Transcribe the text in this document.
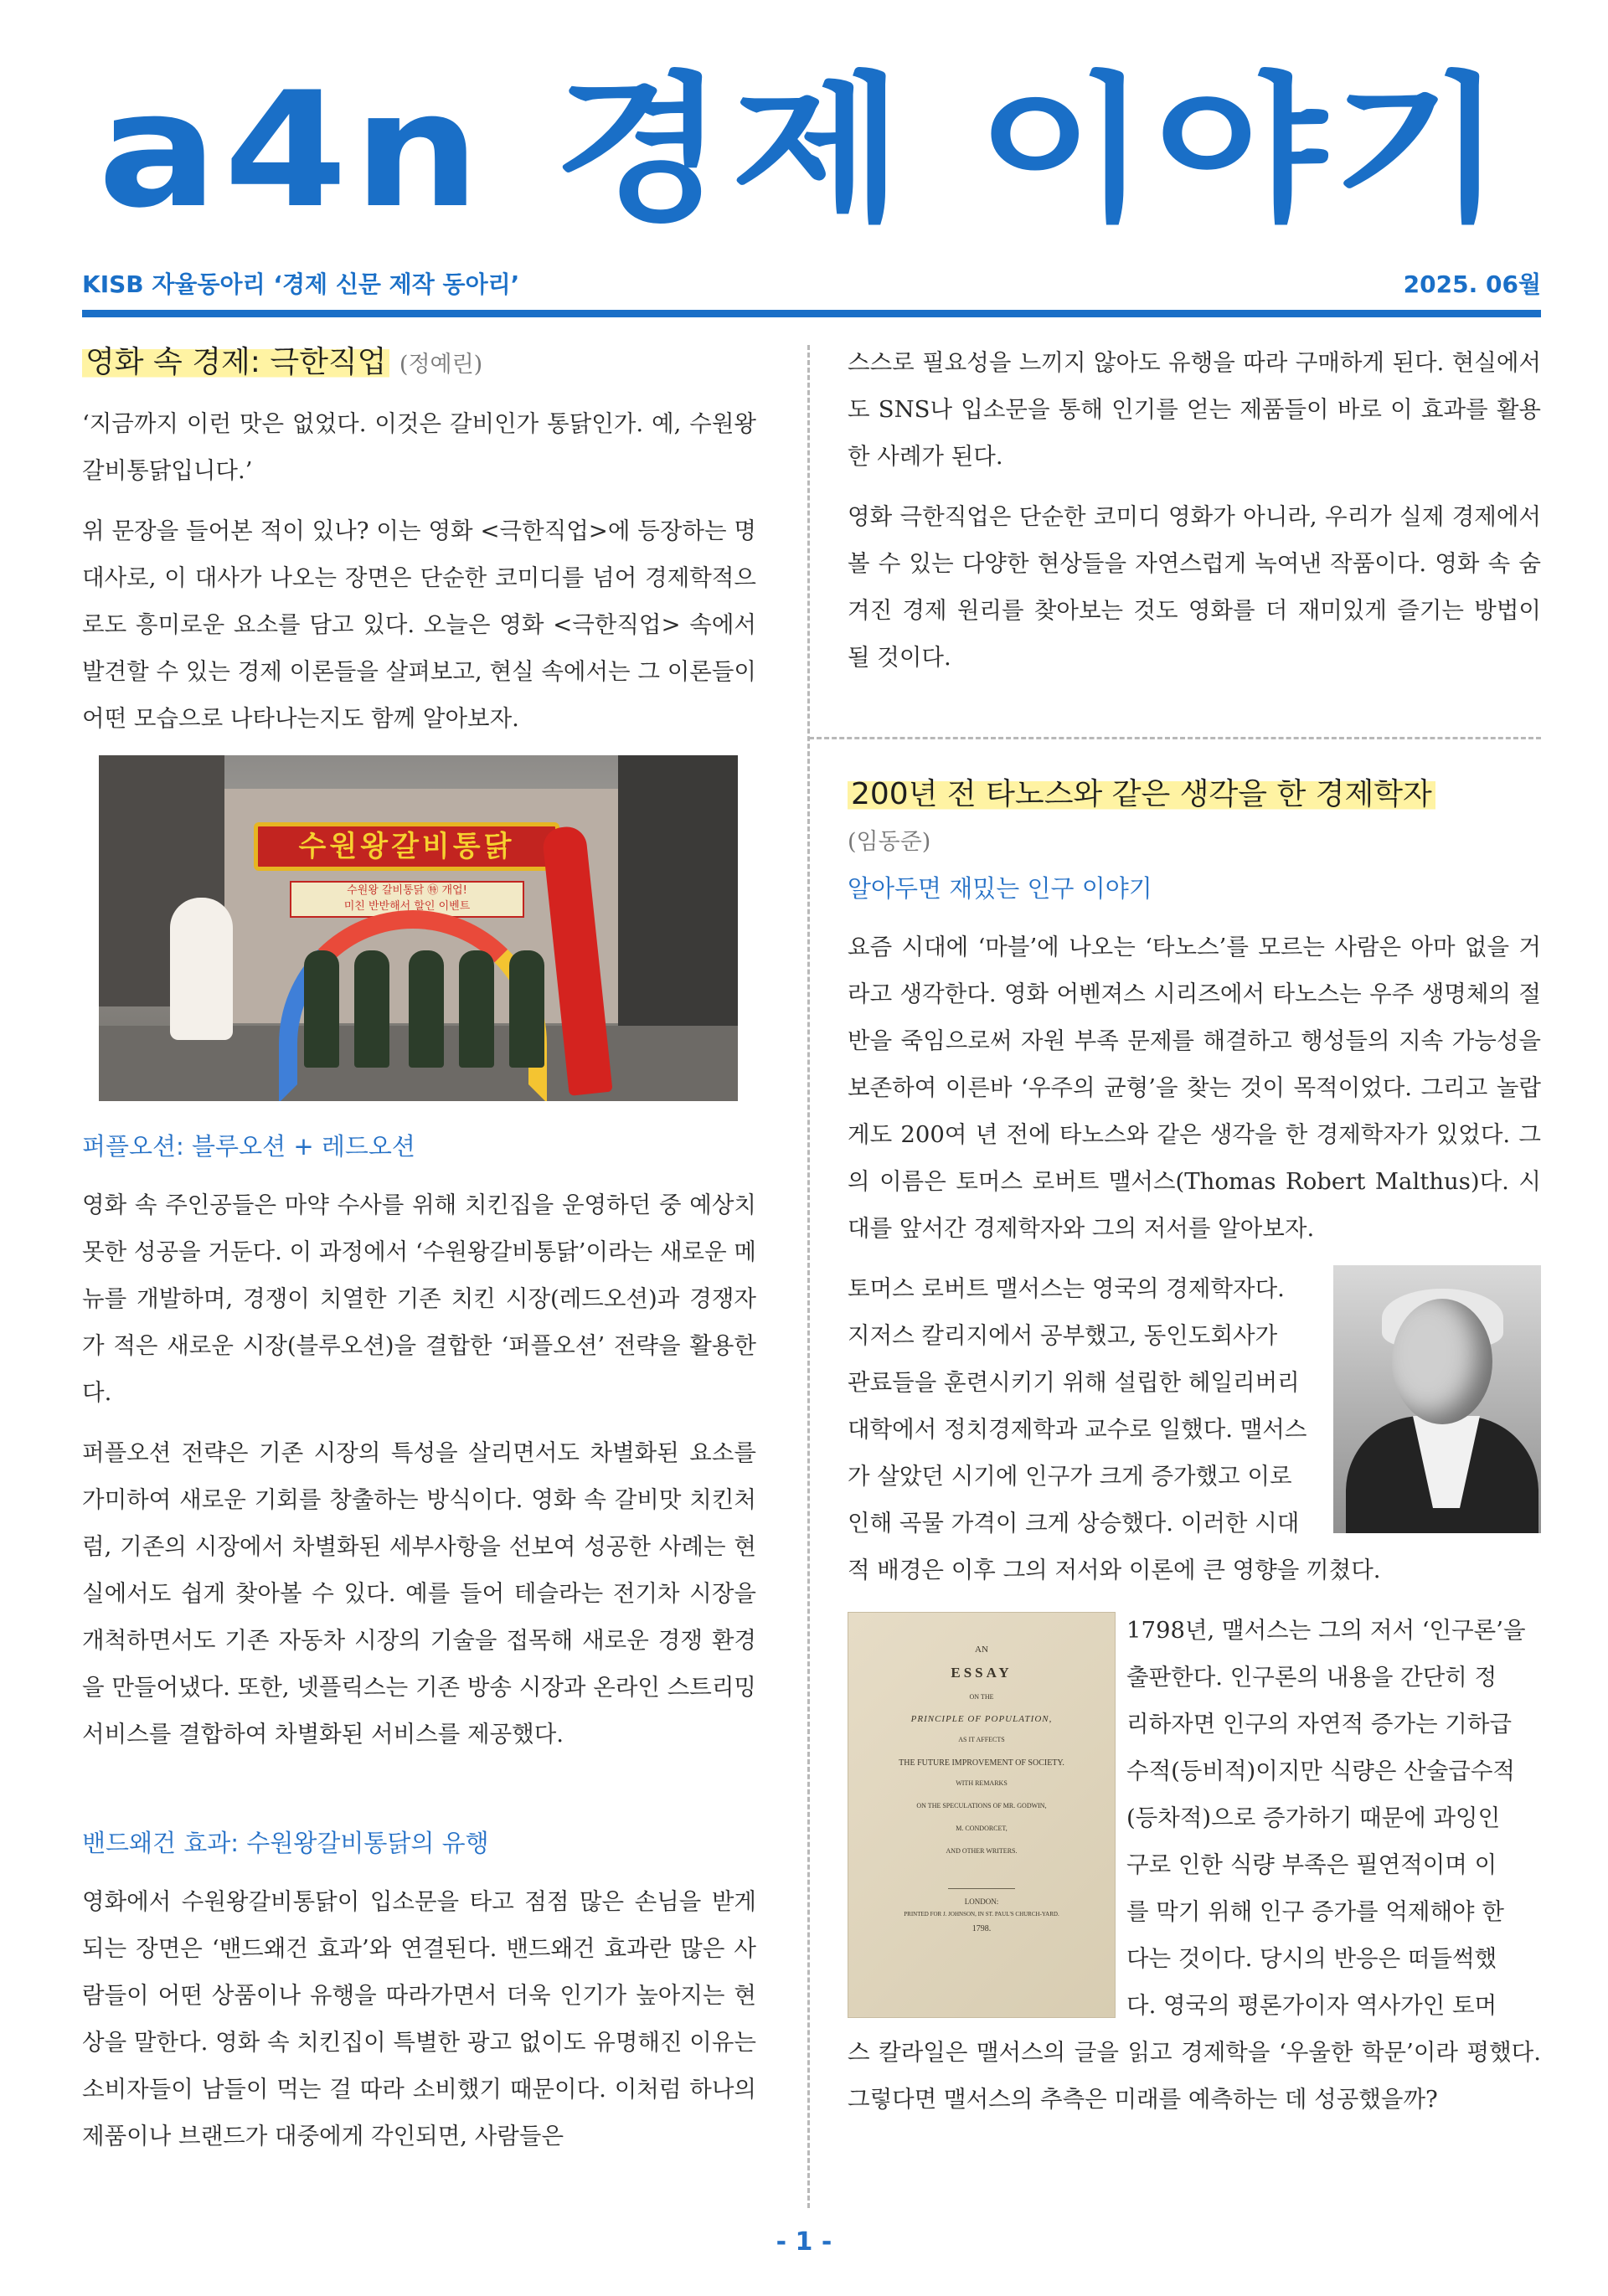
a4n 경제 이야기
KISB 자율동아리 ‘경제 신문 제작 동아리’	2025. 06월
영화 속 경제: 극한직업 (정예린)

‘지금까지 이런 맛은 없었다. 이것은 갈비인가 통닭인가. 예, 수원왕갈비통닭입니다.’

위 문장을 들어본 적이 있나? 이는 영화 <극한직업>에 등장하는 명대사로, 이 대사가 나오는 장면은 단순한 코미디를 넘어 경제학적으로도 흥미로운 요소를 담고 있다. 오늘은 영화 <극한직업> 속에서 발견할 수 있는 경제 이론들을 살펴보고, 현실 속에서는 그 이론들이 어떤 모습으로 나타나는지도 함께 알아보자.

수원왕갈비통닭
수원왕 갈비통닭 ㊕ 개업!
미친 반반해서 할인 이벤트
퍼플오션: 블루오션 + 레드오션

영화 속 주인공들은 마약 수사를 위해 치킨집을 운영하던 중 예상치 못한 성공을 거둔다. 이 과정에서 ‘수원왕갈비통닭’이라는 새로운 메뉴를 개발하며, 경쟁이 치열한 기존 치킨 시장(레드오션)과 경쟁자가 적은 새로운 시장(블루오션)을 결합한 ‘퍼플오션’ 전략을 활용한다.

퍼플오션 전략은 기존 시장의 특성을 살리면서도 차별화된 요소를 가미하여 새로운 기회를 창출하는 방식이다. 영화 속 갈비맛 치킨처럼, 기존의 시장에서 차별화된 세부사항을 선보여 성공한 사례는 현실에서도 쉽게 찾아볼 수 있다. 예를 들어 테슬라는 전기차 시장을 개척하면서도 기존 자동차 시장의 기술을 접목해 새로운 경쟁 환경을 만들어냈다. 또한, 넷플릭스는 기존 방송 시장과 온라인 스트리밍 서비스를 결합하여 차별화된 서비스를 제공했다.

밴드왜건 효과: 수원왕갈비통닭의 유행

영화에서 수원왕갈비통닭이 입소문을 타고 점점 많은 손님을 받게 되는 장면은 ‘밴드왜건 효과’와 연결된다. 밴드왜건 효과란 많은 사람들이 어떤 상품이나 유행을 따라가면서 더욱 인기가 높아지는 현상을 말한다. 영화 속 치킨집이 특별한 광고 없이도 유명해진 이유는 소비자들이 남들이 먹는 걸 따라 소비했기 때문이다. 이처럼 하나의 제품이나 브랜드가 대중에게 각인되면, 사람들은

스스로 필요성을 느끼지 않아도 유행을 따라 구매하게 된다. 현실에서도 SNS나 입소문을 통해 인기를 얻는 제품들이 바로 이 효과를 활용한 사례가 된다.

영화 극한직업은 단순한 코미디 영화가 아니라, 우리가 실제 경제에서 볼 수 있는 다양한 현상들을 자연스럽게 녹여낸 작품이다. 영화 속 숨겨진 경제 원리를 찾아보는 것도 영화를 더 재미있게 즐기는 방법이 될 것이다.

200년 전 타노스와 같은 생각을 한 경제학자
(임동준)
알아두면 재밌는 인구 이야기

요즘 시대에 ‘마블’에 나오는 ‘타노스’를 모르는 사람은 아마 없을 거라고 생각한다. 영화 어벤져스 시리즈에서 타노스는 우주 생명체의 절반을 죽임으로써 자원 부족 문제를 해결하고 행성들의 지속 가능성을 보존하여 이른바 ‘우주의 균형’을 찾는 것이 목적이었다. 그리고 놀랍게도 200여 년 전에 타노스와 같은 생각을 한 경제학자가 있었다. 그의 이름은 토머스 로버트 맬서스(Thomas Robert Malthus)다. 시대를 앞서간 경제학자와 그의 저서를 알아보자.

토머스 로버트 맬서스는 영국의 경제학자다.
지저스 칼리지에서 공부했고, 동인도회사가
관료들을 훈련시키기 위해 설립한 헤일리버리
대학에서 정치경제학과 교수로 일했다. 맬서스
가 살았던 시기에 인구가 크게 증가했고 이로
인해 곡물 가격이 크게 상승했다. 이러한 시대

적 배경은 이후 그의 저서와 이론에 큰 영향을 끼쳤다.

AN
ESSAY
ON THE
PRINCIPLE OF POPULATION,
AS IT AFFECTS
THE FUTURE IMPROVEMENT OF SOCIETY.
WITH REMARKS
ON THE SPECULATIONS OF MR. GODWIN,
M. CONDORCET,
AND OTHER WRITERS.
LONDON:
PRINTED FOR J. JOHNSON, IN ST. PAUL'S CHURCH-YARD.
1798.
1798년, 맬서스는 그의 저서 ‘인구론’을
출판한다. 인구론의 내용을 간단히 정
리하자면 인구의 자연적 증가는 기하급
수적(등비적)이지만 식량은 산술급수적
(등차적)으로 증가하기 때문에 과잉인
구로 인한 식량 부족은 필연적이며 이
를 막기 위해 인구 증가를 억제해야 한
다는 것이다. 당시의 반응은 떠들썩했
다. 영국의 평론가이자 역사가인 토머

스 칼라일은 맬서스의 글을 읽고 경제학을 ‘우울한 학문’이라 평했다. 그렇다면 맬서스의 추측은 미래를 예측하는 데 성공했을까?

- 1 -
